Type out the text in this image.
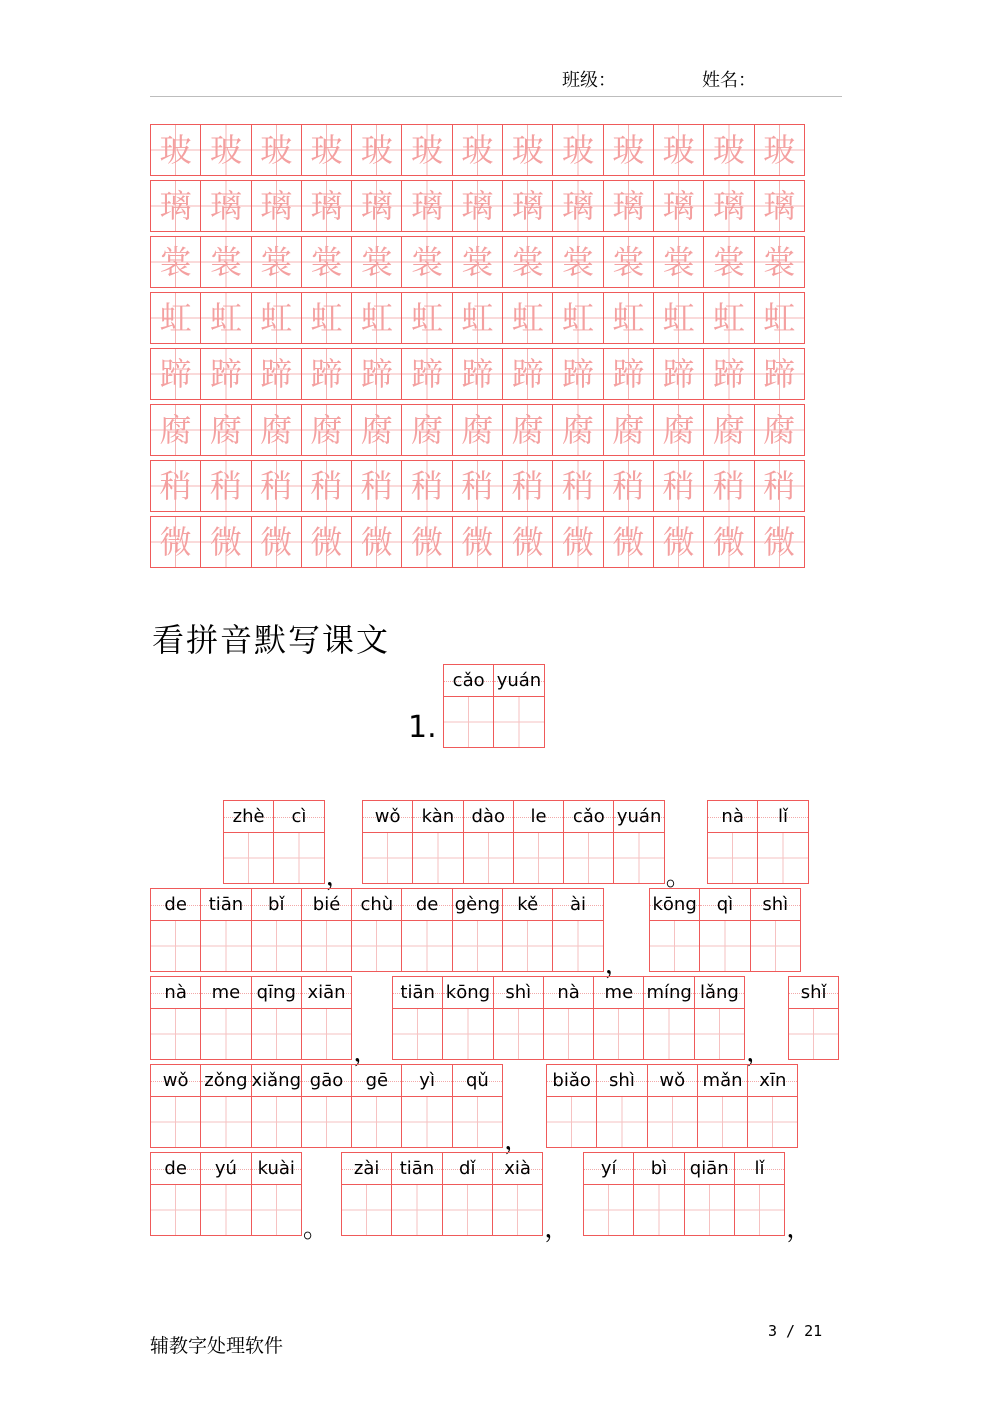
班级：	姓名：
玻 玻 玻 玻 玻 玻 玻 玻 玻 玻 玻 玻 玻
璃 璃 璃 璃 璃 璃 璃 璃 璃 璃 璃 璃 璃
裳 裳 裳 裳 裳 裳 裳 裳 裳 裳 裳 裳 裳
虹 虹 虹 虹 虹 虹 虹 虹 虹 虹 虹 虹 虹
蹄 蹄 蹄 蹄 蹄 蹄 蹄 蹄 蹄 蹄 蹄 蹄 蹄
腐 腐 腐 腐 腐 腐 腐 腐 腐 腐 腐 腐 腐
稍 稍 稍 稍 稍 稍 稍 稍 稍 稍 稍 稍 稍
微 微 微 微 微 微 微 微 微 微 微 微 微
看拼音默写课文
1.
cǎo yuán
zhè cì
，
wǒ kàn dào le cǎo yuán
。
nà lǐ
de tiān bǐ bié chù de gèng kě ài
，
kōng qì shì
nà me qīng xiān
，
tiān kōng shì nà me míng lǎng
，
shǐ
wǒ zǒng xiǎng gāo gē yì qǔ
，
biǎo shì wǒ mǎn xīn
de yú kuài
。
zài tiān dǐ xià
，
yí bì qiān lǐ
，
辅教字处理软件
3 / 21
